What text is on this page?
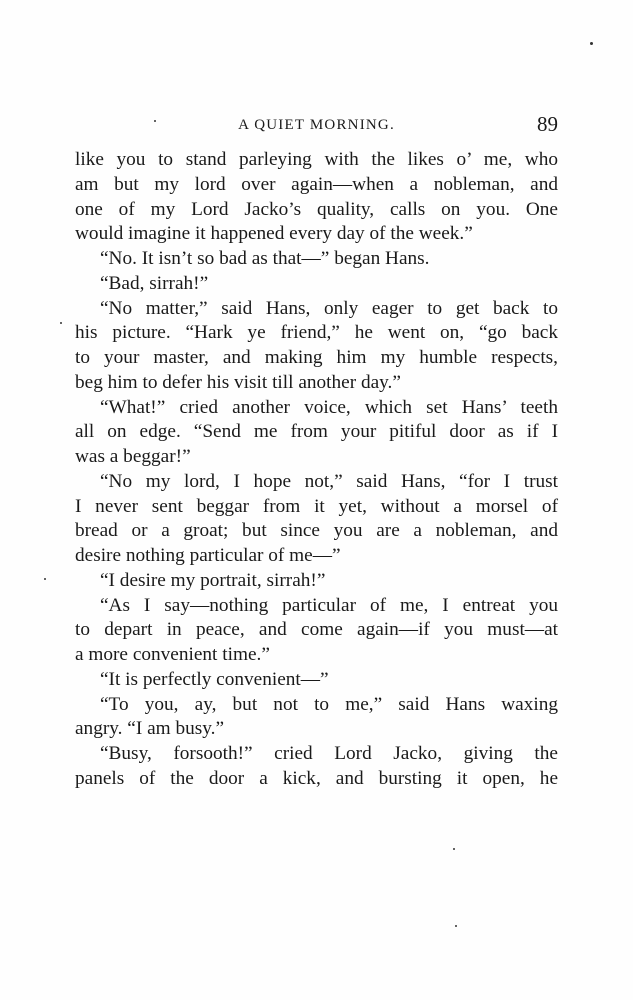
A QUIET MORNING.	89
like you to stand parleying with the likes o’ me, who
am but my lord over again—when a nobleman, and
one of my Lord Jacko’s quality, calls on you. One
would imagine it happened every day of the week.”
“No. It isn’t so bad as that—” began Hans.
“Bad, sirrah!”
“No matter,” said Hans, only eager to get back to
his picture. “Hark ye friend,” he went on, “go back
to your master, and making him my humble respects,
beg him to defer his visit till another day.”
“What!” cried another voice, which set Hans’ teeth
all on edge. “Send me from your pitiful door as if I
was a beggar!”
“No my lord, I hope not,” said Hans, “for I trust
I never sent beggar from it yet, without a morsel of
bread or a groat; but since you are a nobleman, and
desire nothing particular of me—”
“I desire my portrait, sirrah!”
“As I say—nothing particular of me, I entreat you
to depart in peace, and come again—if you must—at
a more convenient time.”
“It is perfectly convenient—”
“To you, ay, but not to me,” said Hans waxing
angry. “I am busy.”
“Busy, forsooth!” cried Lord Jacko, giving the
panels of the door a kick, and bursting it open, he
